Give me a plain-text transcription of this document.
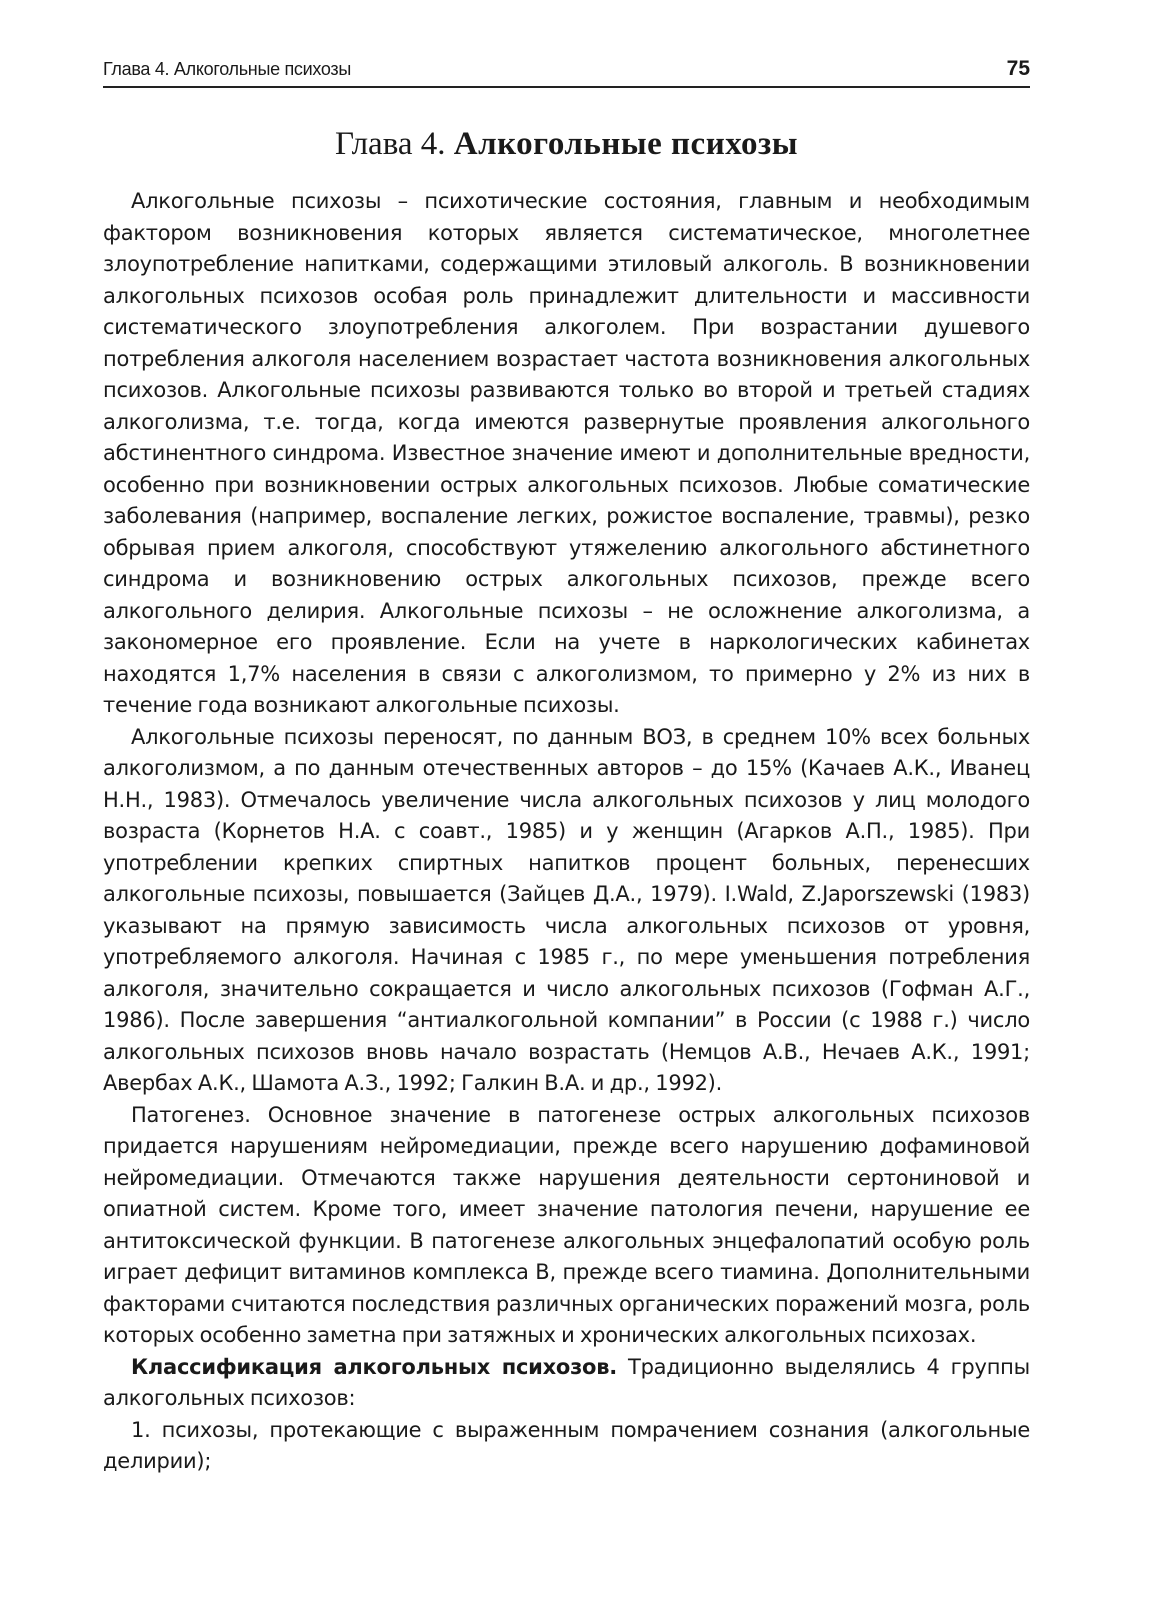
Глава 4. Алкогольные психозы	75
Глава 4. Алкогольные психозы

Алкогольные психозы – психотические состояния, главным и необходимым фактором возникновения которых является систематическое, многолетнее злоупотребление напитками, содержащими этиловый алкоголь. В возникновении алкогольных психозов особая роль принадлежит длительности и массивности систематического злоупотребления алкоголем. При возрастании душевого потребления алкоголя населением возрастает частота возникновения алкогольных психозов. Алкогольные психозы развиваются только во второй и третьей стадиях алкоголизма, т.е. тогда, когда имеются развернутые проявления алкогольного абстинентного синдрома. Известное значение имеют и дополнительные вредности, особенно при возникновении острых алкогольных психозов. Любые соматические заболевания (например, воспаление легких, рожистое воспаление, травмы), резко обрывая прием алкоголя, способствуют утяжелению алкогольного абстинетного синдрома и возникновению острых алкогольных психозов, прежде всего алкогольного делирия. Алкогольные психозы – не осложнение алкоголизма, а закономерное его проявление. Если на учете в наркологических кабинетах находятся 1,7% населения в связи с алкоголизмом, то примерно у 2% из них в течение года возникают алкогольные психозы.

Алкогольные психозы переносят, по данным ВОЗ, в среднем 10% всех больных алкоголизмом, а по данным отечественных авторов – до 15% (Качаев А.К., Иванец Н.Н., 1983). Отмечалось увеличение числа алкогольных психозов у лиц молодого возраста (Корнетов Н.А. с соавт., 1985) и у женщин (Агарков А.П., 1985). При употреблении крепких спиртных напитков процент больных, перенесших алкогольные психозы, повышается (Зайцев Д.А., 1979). I.Wald, Z.Japorszewski (1983) указывают на прямую зависимость числа алкогольных психозов от уровня, употребляемого алкоголя. Начиная с 1985 г., по мере уменьшения потребления алкоголя, значительно сокращается и число алкогольных психозов (Гофман А.Г., 1986). После завершения “антиалкогольной компании” в России (с 1988 г.) число алкогольных психозов вновь начало возрастать (Немцов А.В., Нечаев А.К., 1991; Авербах А.К., Шамота А.З., 1992; Галкин В.А. и др., 1992).

Патогенез. Основное значение в патогенезе острых алкогольных психозов придается нарушениям нейромедиации, прежде всего нарушению дофаминовой нейромедиации. Отмечаются также нарушения деятельности сертониновой и опиатной систем. Кроме того, имеет значение патология печени, нарушение ее антитоксической функции. В патогенезе алкогольных энцефалопатий особую роль играет дефицит витаминов комплекса В, прежде всего тиамина. Дополнительными факторами считаются последствия различных органических поражений мозга, роль которых особенно заметна при затяжных и хронических алкогольных психозах.

Классификация алкогольных психозов. Традиционно выделялись 4 группы алкогольных психозов:

1. психозы, протекающие с выраженным помрачением сознания (алкогольные делирии);
